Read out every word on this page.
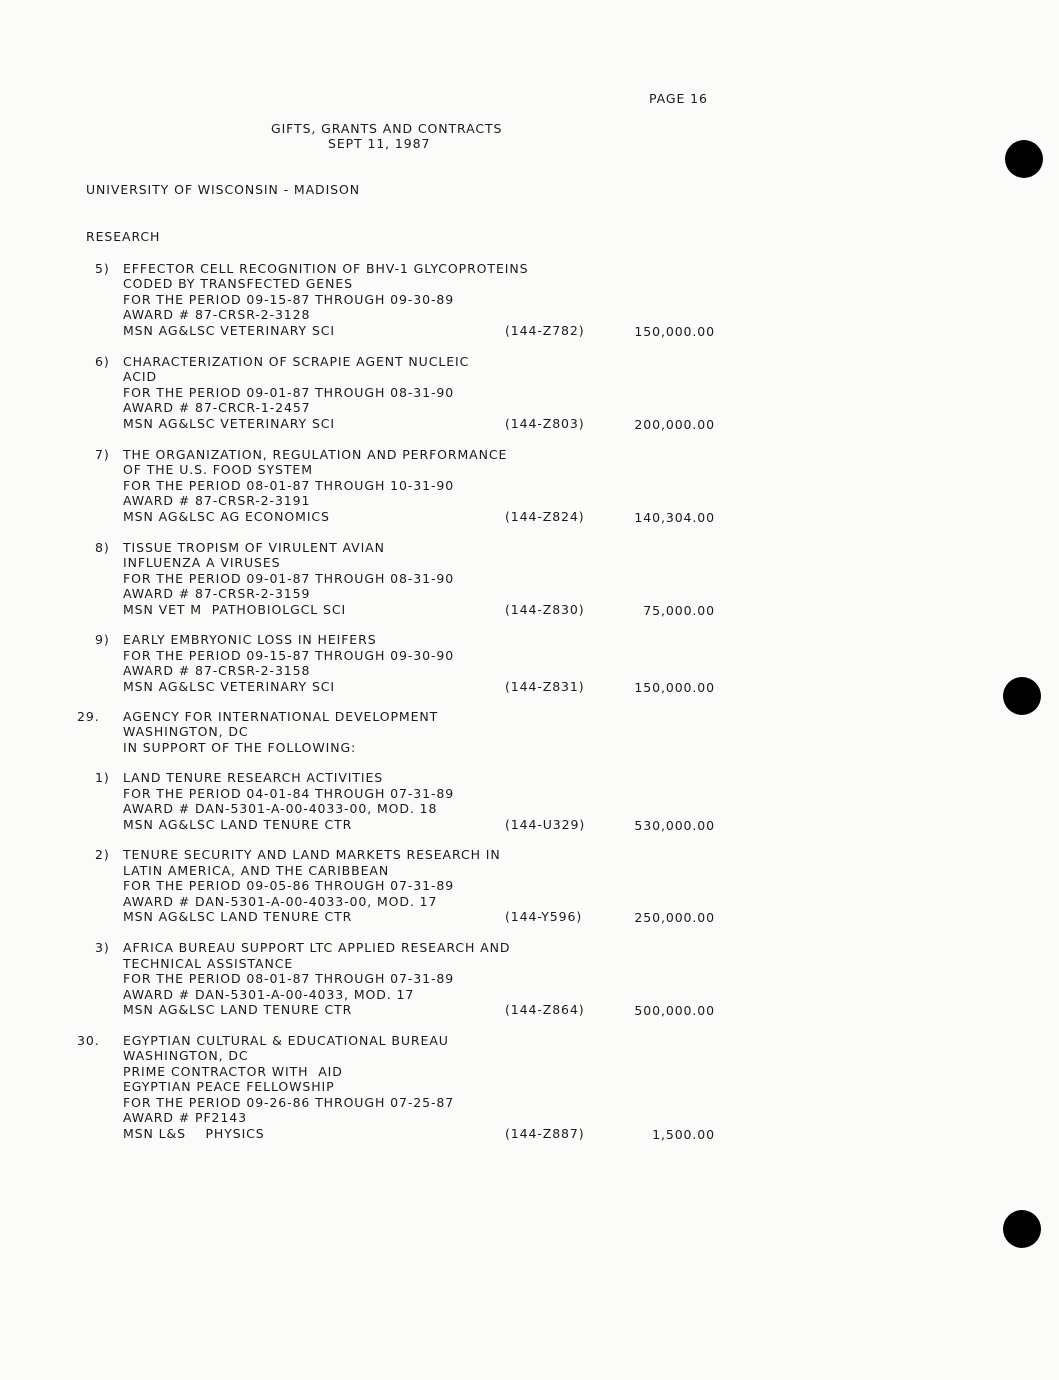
PAGE 16
GIFTS, GRANTS AND CONTRACTS
SEPT 11, 1987
UNIVERSITY OF WISCONSIN - MADISON
RESEARCH
5) EFFECTOR CELL RECOGNITION OF BHV-1 GLYCOPROTEINS
CODED BY TRANSFECTED GENES
FOR THE PERIOD 09-15-87 THROUGH 09-30-89
AWARD # 87-CRSR-2-3128
MSN AG&LSC VETERINARY SCI	(144-Z782)	150,000.00
6) CHARACTERIZATION OF SCRAPIE AGENT NUCLEIC
ACID
FOR THE PERIOD 09-01-87 THROUGH 08-31-90
AWARD # 87-CRCR-1-2457
MSN AG&LSC VETERINARY SCI	(144-Z803)	200,000.00
7) THE ORGANIZATION, REGULATION AND PERFORMANCE
OF THE U.S. FOOD SYSTEM
FOR THE PERIOD 08-01-87 THROUGH 10-31-90
AWARD # 87-CRSR-2-3191
MSN AG&LSC AG ECONOMICS	(144-Z824)	140,304.00
8) TISSUE TROPISM OF VIRULENT AVIAN
INFLUENZA A VIRUSES
FOR THE PERIOD 09-01-87 THROUGH 08-31-90
AWARD # 87-CRSR-2-3159
MSN VET M  PATHOBIOLGCL SCI	(144-Z830)	75,000.00
9) EARLY EMBRYONIC LOSS IN HEIFERS
FOR THE PERIOD 09-15-87 THROUGH 09-30-90
AWARD # 87-CRSR-2-3158
MSN AG&LSC VETERINARY SCI	(144-Z831)	150,000.00
29. AGENCY FOR INTERNATIONAL DEVELOPMENT
WASHINGTON, DC
IN SUPPORT OF THE FOLLOWING:
1) LAND TENURE RESEARCH ACTIVITIES
FOR THE PERIOD 04-01-84 THROUGH 07-31-89
AWARD # DAN-5301-A-00-4033-00, MOD. 18
MSN AG&LSC LAND TENURE CTR	(144-U329)	530,000.00
2) TENURE SECURITY AND LAND MARKETS RESEARCH IN
LATIN AMERICA, AND THE CARIBBEAN
FOR THE PERIOD 09-05-86 THROUGH 07-31-89
AWARD # DAN-5301-A-00-4033-00, MOD. 17
MSN AG&LSC LAND TENURE CTR	(144-Y596)	250,000.00
3) AFRICA BUREAU SUPPORT LTC APPLIED RESEARCH AND
TECHNICAL ASSISTANCE
FOR THE PERIOD 08-01-87 THROUGH 07-31-89
AWARD # DAN-5301-A-00-4033, MOD. 17
MSN AG&LSC LAND TENURE CTR	(144-Z864)	500,000.00
30. EGYPTIAN CULTURAL & EDUCATIONAL BUREAU
WASHINGTON, DC
PRIME CONTRACTOR WITH  AID
EGYPTIAN PEACE FELLOWSHIP
FOR THE PERIOD 09-26-86 THROUGH 07-25-87
AWARD # PF2143
MSN L&S    PHYSICS	(144-Z887)	1,500.00
